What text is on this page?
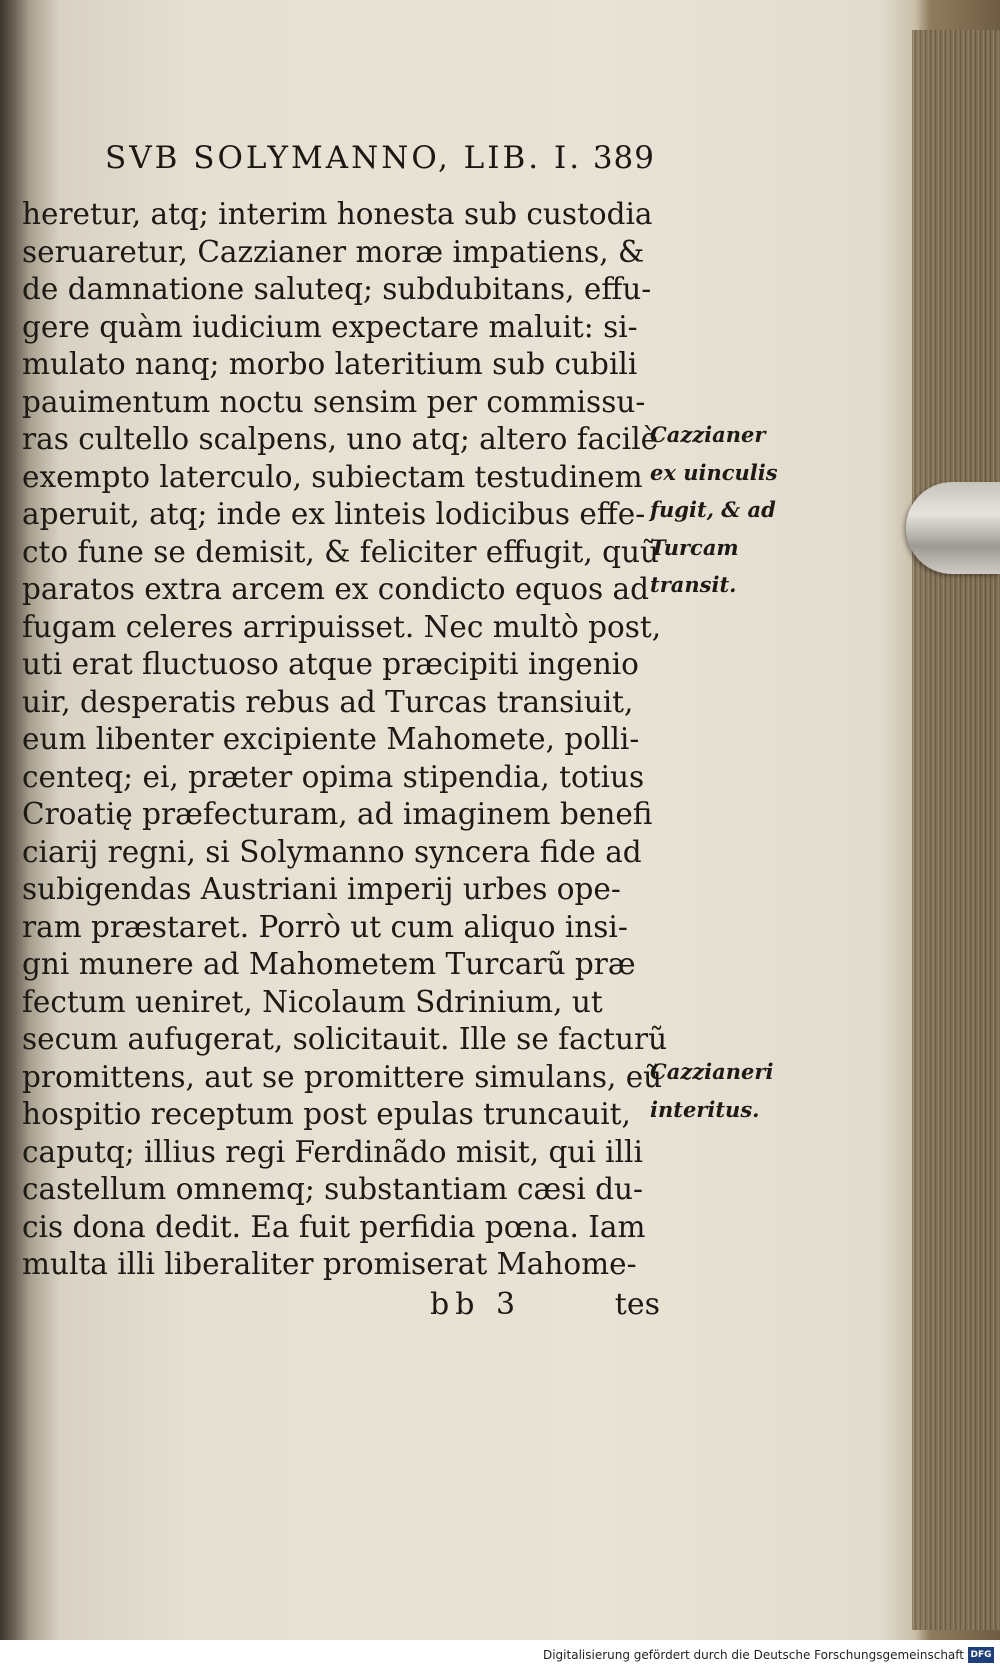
SVB SOLYMANNO, LIB. I. 389
heretur, atq; interim honesta sub custodia
seruaretur, Cazzianer moræ impatiens, &
de damnatione saluteq; subdubitans, effu-
gere quàm iudicium expectare maluit: si-
mulato nanq; morbo lateritium sub cubili
pauimentum noctu sensim per commissu-
ras cultello scalpens, uno atq; altero facilè
exempto laterculo, subiectam testudinem
aperuit, atq; inde ex linteis lodicibus effe-
cto fune se demisit, & feliciter effugit, quũ
paratos extra arcem ex condicto equos ad
fugam celeres arripuisset. Nec multò post,
uti erat fluctuoso atque præcipiti ingenio
uir, desperatis rebus ad Turcas transiuit,
eum libenter excipiente Mahomete, polli-
centeq; ei, præter opima stipendia, totius
Croatię præfecturam, ad imaginem benefi
ciarij regni, si Solymanno syncera fide ad
subigendas Austriani imperij urbes ope-
ram præstaret. Porrò ut cum aliquo insi-
gni munere ad Mahometem Turcarũ præ
fectum ueniret, Nicolaum Sdrinium, ut
secum aufugerat, solicitauit. Ille se facturũ
promittens, aut se promittere simulans, eũ
hospitio receptum post epulas truncauit,
caputq; illius regi Ferdinãdo misit, qui illi
castellum omnemq; substantiam cæsi du-
cis dona dedit. Ea fuit perfidia pœna. Iam
multa illi liberaliter promiserat Mahome-
Cazzianer
ex uinculis
fugit, & ad
Turcam
transit.
Cazzianeri
interitus.
bb 3	tes
Digitalisierung gefördert durch die Deutsche Forschungsgemeinschaft DFG
